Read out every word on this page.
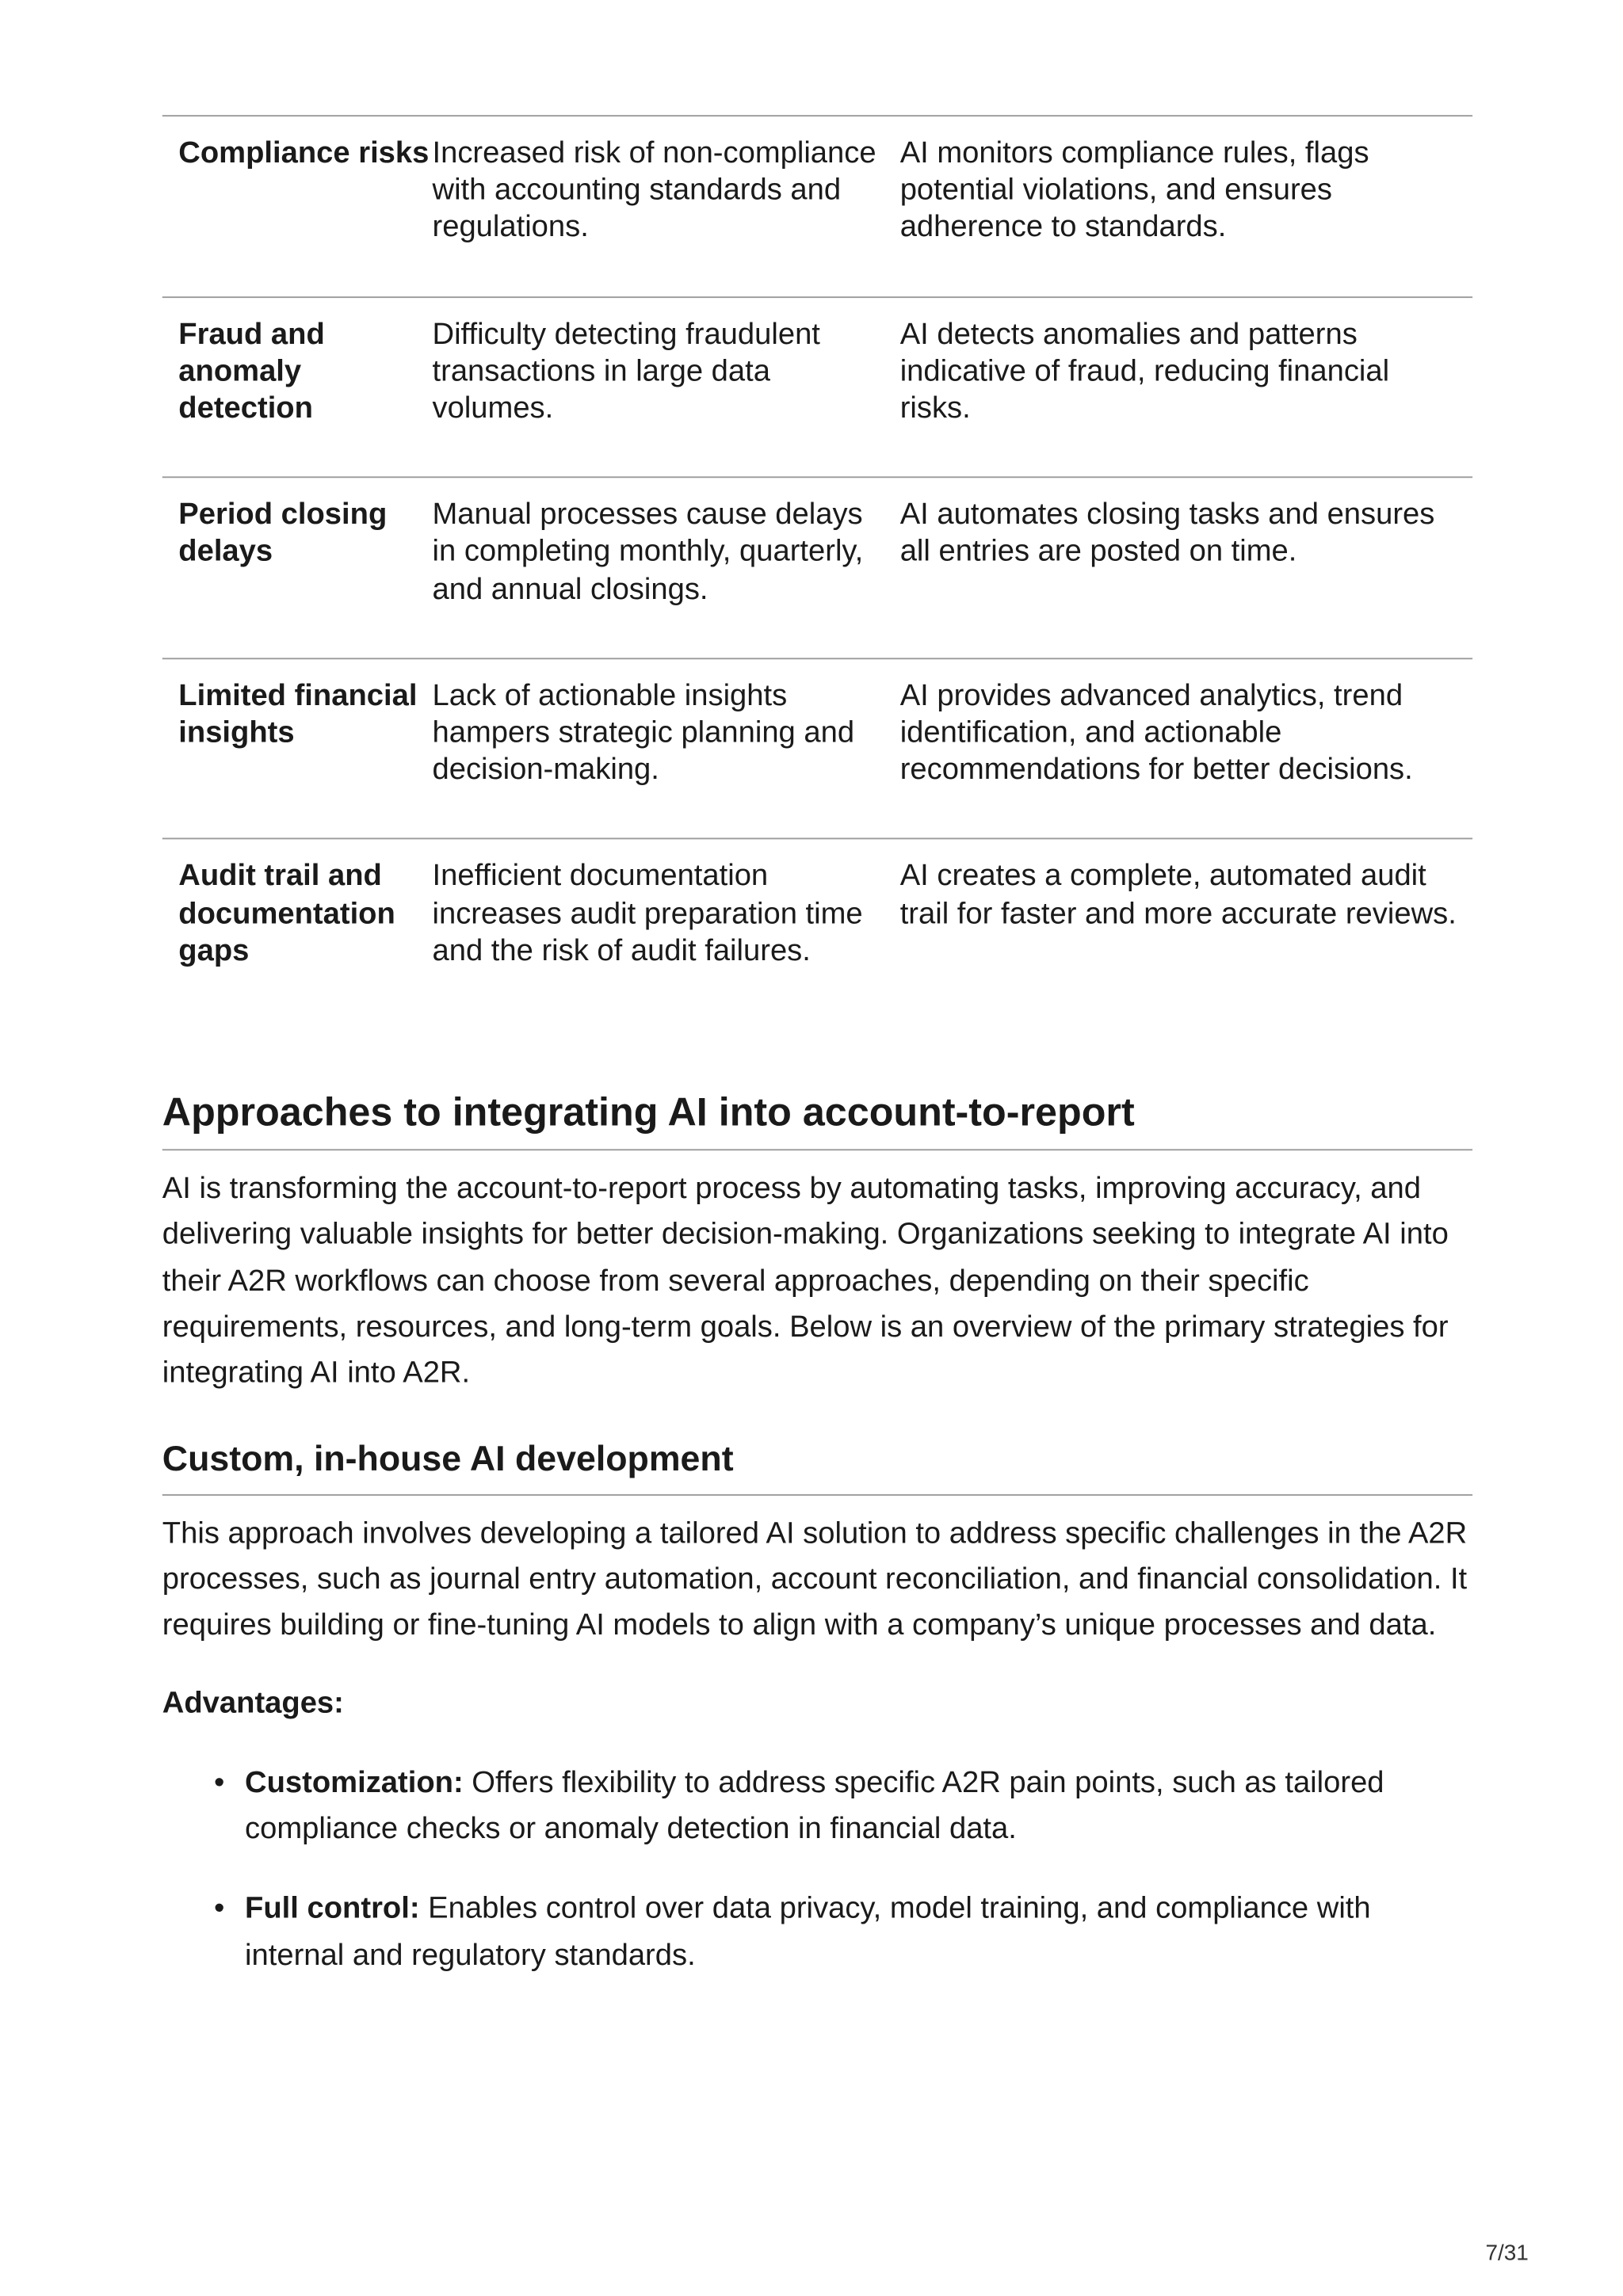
Compliance risks Increased risk of non-compliance with accounting standards and regulations.
AI monitors compliance rules, flags potential violations, and ensures adherence to standards.
Fraud and anomaly detection
Difficulty detecting fraudulent transactions in large data volumes.
AI detects anomalies and patterns indicative of fraud, reducing financial risks.
Period closing delays
Manual processes cause delays in completing monthly, quarterly, and annual closings.
AI automates closing tasks and ensures all entries are posted on time.
Limited financial insights
Lack of actionable insights hampers strategic planning and decision-making.
AI provides advanced analytics, trend identification, and actionable recommendations for better decisions.
Audit trail and documentation gaps
Inefficient documentation increases audit preparation time and the risk of audit failures.
AI creates a complete, automated audit trail for faster and more accurate reviews.
Approaches to integrating AI into account-to-report

AI is transforming the account-to-report process by automating tasks, improving accuracy, and delivering valuable insights for better decision-making. Organizations seeking to integrate AI into their A2R workflows can choose from several approaches, depending on their specific requirements, resources, and long-term goals. Below is an overview of the primary strategies for integrating AI into A2R.

Custom, in-house AI development

This approach involves developing a tailored AI solution to address specific challenges in the A2R processes, such as journal entry automation, account reconciliation, and financial consolidation. It requires building or fine-tuning AI models to align with a company’s unique processes and data.

Advantages:

• Customization: Offers flexibility to address specific A2R pain points, such as tailored compliance checks or anomaly detection in financial data.
• Full control: Enables control over data privacy, model training, and compliance with internal and regulatory standards.
7/31
